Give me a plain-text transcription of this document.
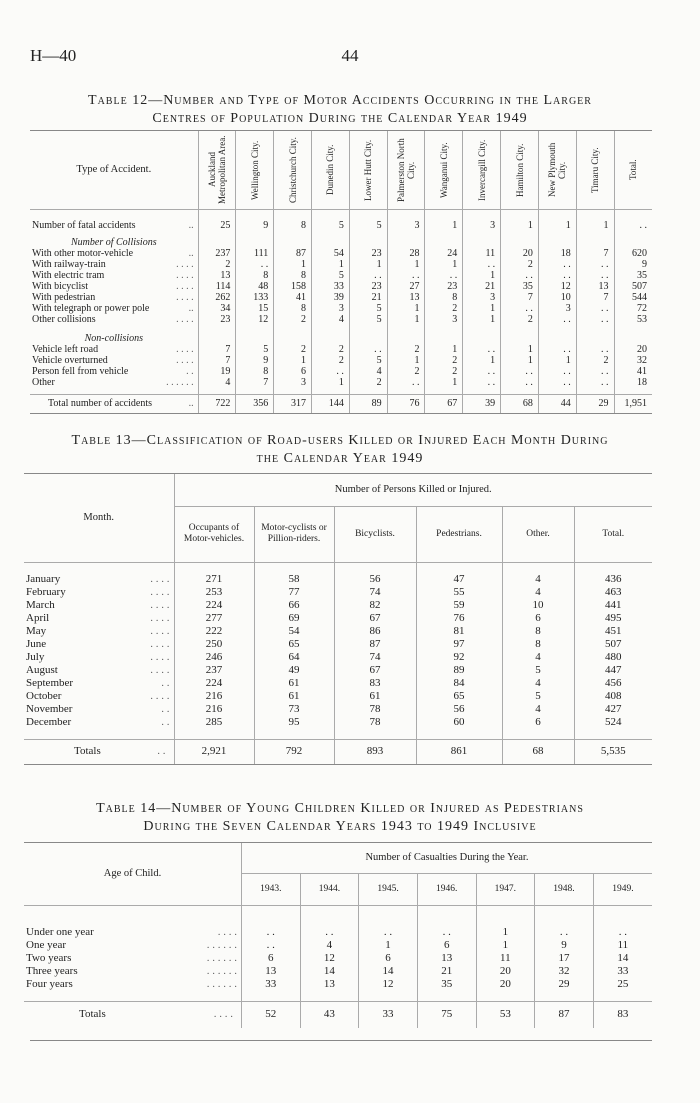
H—40	44
Table 12—Number and Type of Motor Accidents Occurring in the Larger
Centres of Population During the Calendar Year 1949
Type of Accident.	Auckland Metropolitan Area.	Wellington City.	Christchurch City.	Dunedin City.	Lower Hutt City.	Palmerston North City.	Wanganui City.	Invercargill City.	Hamilton City.	New Plymouth City.	Timaru City.	Total.

Number of fatal accidents ..	25	9	8	5	5	3	1	3	1	1	1	. .

Number of Collisions												
With other motor-vehicle ..	237	111	87	54	23	28	24	11	20	18	7	620
With railway-train . . . .	2	. .	1	1	1	1	1	. .	2	. .	. .	9
With electric tram . . . .	13	8	8	5	. .	. .	. .	1	. .	. .	. .	35
With bicyclist . . . .	114	48	158	33	23	27	23	21	35	12	13	507
With pedestrian . . . .	262	133	41	39	21	13	8	3	7	10	7	544
With telegraph or power pole ..	34	15	8	3	5	1	2	1	. .	3	. .	72
Other collisions . . . .	23	12	2	4	5	1	3	1	2	. .	. .	53

Non-collisions												
Vehicle left road . . . .	7	5	2	2	. .	2	1	. .	1	. .	. .	20
Vehicle overturned . . . .	7	9	1	2	5	1	2	1	1	1	2	32
Person fell from vehicle . .	19	8	6	. .	4	2	2	. .	. .	. .	. .	41
Other . . . . . .	4	7	3	1	2	. .	1	. .	. .	. .	. .	18

Total number of accidents ..	722	356	317	144	89	76	67	39	68	44	29	1,951
Table 13—Classification of Road-users Killed or Injured Each Month During
the Calendar Year 1949
Month.	Number of Persons Killed or Injured.					
	Occupants of Motor-vehicles.	Motor-cyclists or Pillion-riders.	Bicyclists.	Pedestrians.	Other.	Total.

January . . . .	271	58	56	47	4	436
February . . . .	253	77	74	55	4	463
March . . . .	224	66	82	59	10	441
April . . . .	277	69	67	76	6	495
May . . . .	222	54	86	81	8	451
June . . . .	250	65	87	97	8	507
July . . . .	246	64	74	92	4	480
August . . . .	237	49	67	89	5	447
September . .	224	61	83	84	4	456
October . . . .	216	61	61	65	5	408
November . .	216	73	78	56	4	427
December . .	285	95	78	60	6	524

Totals . .	2,921	792	893	861	68	5,535
Table 14—Number of Young Children Killed or Injured as Pedestrians
During the Seven Calendar Years 1943 to 1949 Inclusive
Age of Child.	Number of Casualties During the Year.						
	1943.	1944.	1945.	1946.	1947.	1948.	1949.

Under one year . . . .	. .	. .	. .	. .	1	. .	. .
One year . . . . . .	. .	4	1	6	1	9	11
Two years . . . . . .	6	12	6	13	11	17	14
Three years . . . . . .	13	14	14	21	20	32	33
Four years . . . . . .	33	13	12	35	20	29	25

Totals . . . .	52	43	33	75	53	87	83
